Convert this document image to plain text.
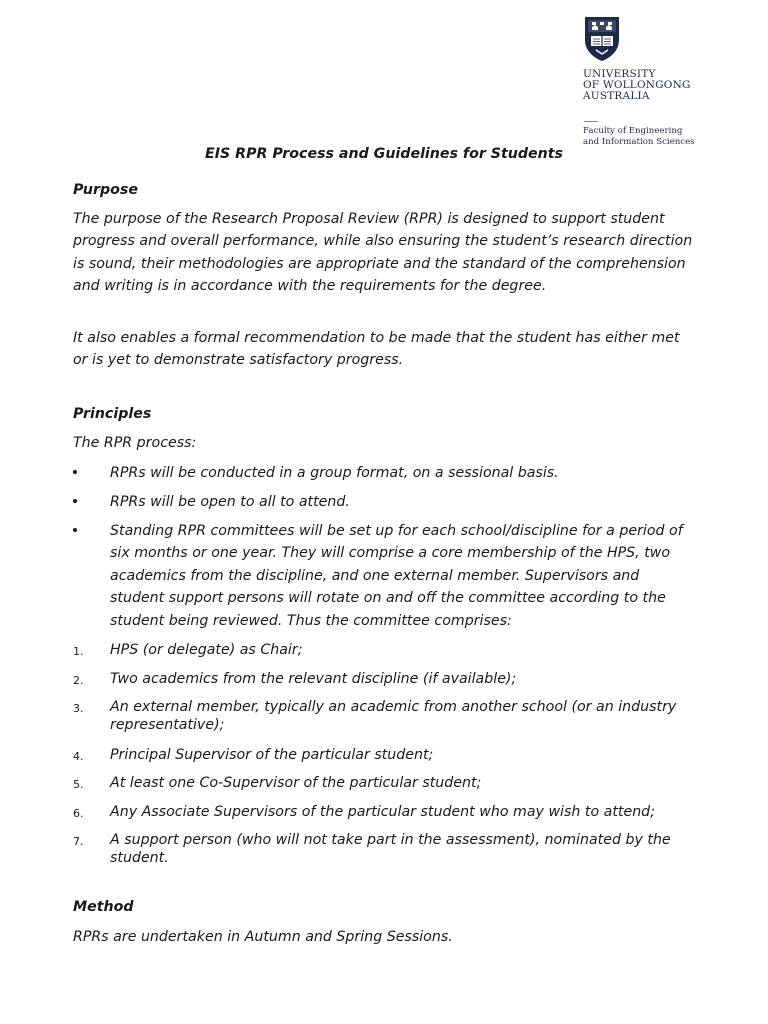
UNIVERSITY
OF WOLLONGONG
AUSTRALIA
Faculty of Engineering
and Information Sciences
EIS RPR Process and Guidelines for Students
Purpose

The purpose of the Research Proposal Review (RPR) is designed to support student progress and overall performance, while also ensuring the student’s research direction is sound, their methodologies are appropriate and the standard of the comprehension and writing is in accordance with the requirements for the degree.

It also enables a formal recommendation to be made that the student has either met or is yet to demonstrate satisfactory progress.

Principles
The RPR process:
RPRs will be conducted in a group format, on a sessional basis.
RPRs will be open to all to attend.
Standing RPR committees will be set up for each school/discipline for a period of six months or one year. They will comprise a core membership of the HPS, two academics from the discipline, and one external member. Supervisors and student support persons will rotate on and off the committee according to the student being reviewed. Thus the committee comprises:
1. HPS (or delegate) as Chair;
2. Two academics from the relevant discipline (if available);
3. An external member, typically an academic from another school (or an industry representative);
4. Principal Supervisor of the particular student;
5. At least one Co-Supervisor of the particular student;
6. Any Associate Supervisors of the particular student who may wish to attend;
7. A support person (who will not take part in the assessment), nominated by the student.
Method
RPRs are undertaken in Autumn and Spring Sessions.
